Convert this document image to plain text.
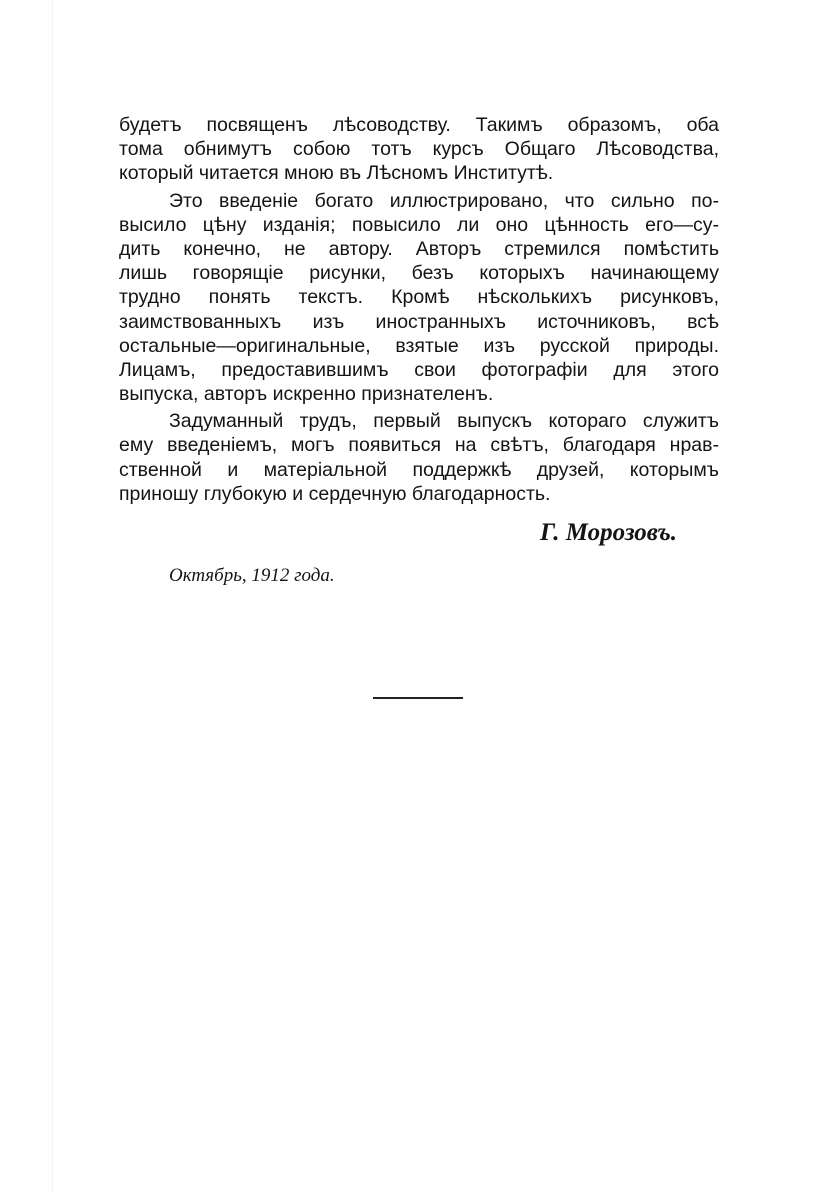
будетъ посвященъ лѣсоводству. Такимъ образомъ, оба
тома обнимутъ собою тотъ курсъ Общаго Лѣсоводства,
который читается мною въ Лѣсномъ Институтѣ.
Это введеніе богато иллюстрировано, что сильно по-
высило цѣну изданія; повысило ли оно цѣнность его—су-
дить конечно, не автору. Авторъ стремился помѣстить
лишь говорящіе рисунки, безъ которыхъ начинающему
трудно понять текстъ. Кромѣ нѣсколькихъ рисунковъ,
заимствованныхъ изъ иностранныхъ источниковъ, всѣ
остальные—оригинальные, взятые изъ русской природы.
Лицамъ, предоставившимъ свои фотографіи для этого
выпуска, авторъ искренно признателенъ.
Задуманный трудъ, первый выпускъ котораго служитъ
ему введеніемъ, могъ появиться на свѣтъ, благодаря нрав-
ственной и матеріальной поддержкѣ друзей, которымъ
приношу глубокую и сердечную благодарность.
Г. Морозовъ.
Октябрь, 1912 года.
